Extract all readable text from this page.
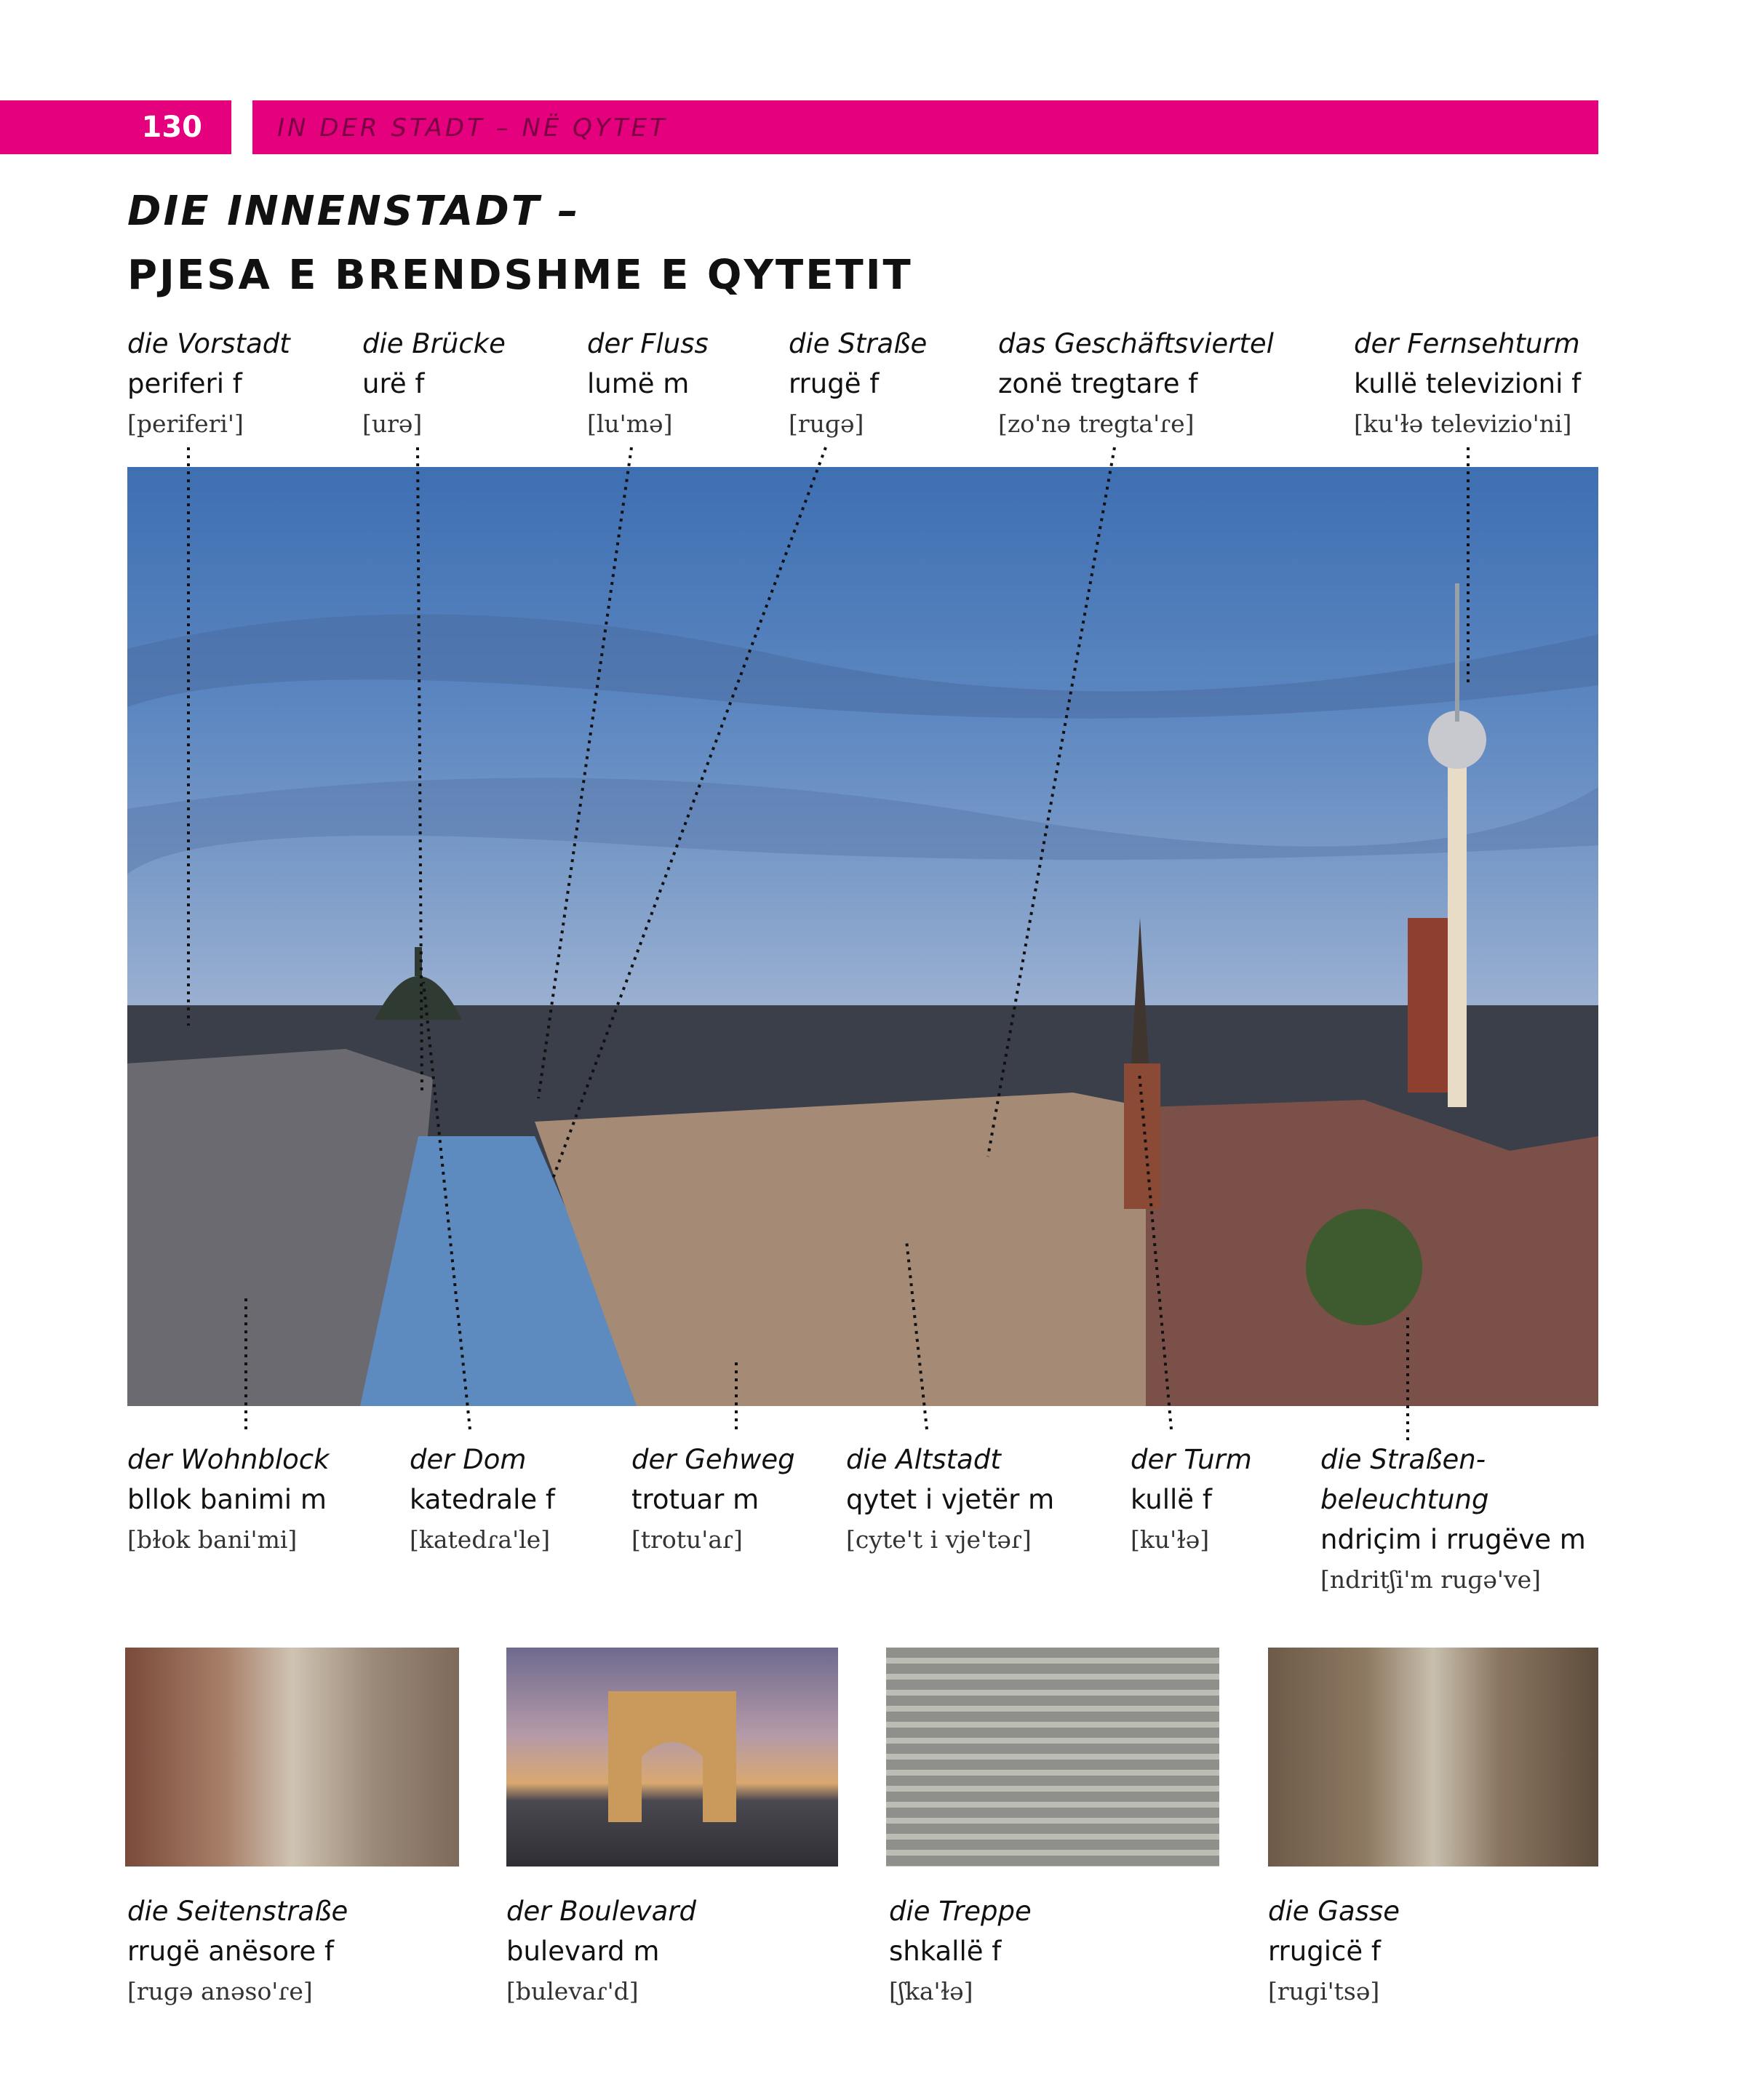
130	IN DER STADT – NË QYTET
DIE INNENSTADT –
PJESA E BRENDSHME E QYTETIT
die Vorstadt
periferi f
[periferi']
die Brücke
urë f
[urə]
der Fluss
lumë m
[lu'mə]
die Straße
rrugë f
[ruɡə]
das Geschäftsviertel
zonë tregtare f
[zo'nə tregta'ɾe]
der Fernsehturm
kullë televizioni f
[ku'ɫə televizio'ni]
der Wohnblock
bllok banimi m
[bɫok bani'mi]
der Dom
katedrale f
[katedɾa'le]
der Gehweg
trotuar m
[trotu'aɾ]
die Altstadt
qytet i vjetër m
[cyte't i vje'təɾ]
der Turm
kullë f
[ku'ɫə]
die Straßen-
beleuchtung
ndriçim i rrugëve m
[ndritʃi'm ruɡə've]
die Seitenstraße
rrugë anësore f
[ruɡə anəso'ɾe]
der Boulevard
bulevard m
[bulevaɾ'd]
die Treppe
shkallë f
[ʃka'ɫə]
die Gasse
rrugicë f
[ruɡi'tsə]
